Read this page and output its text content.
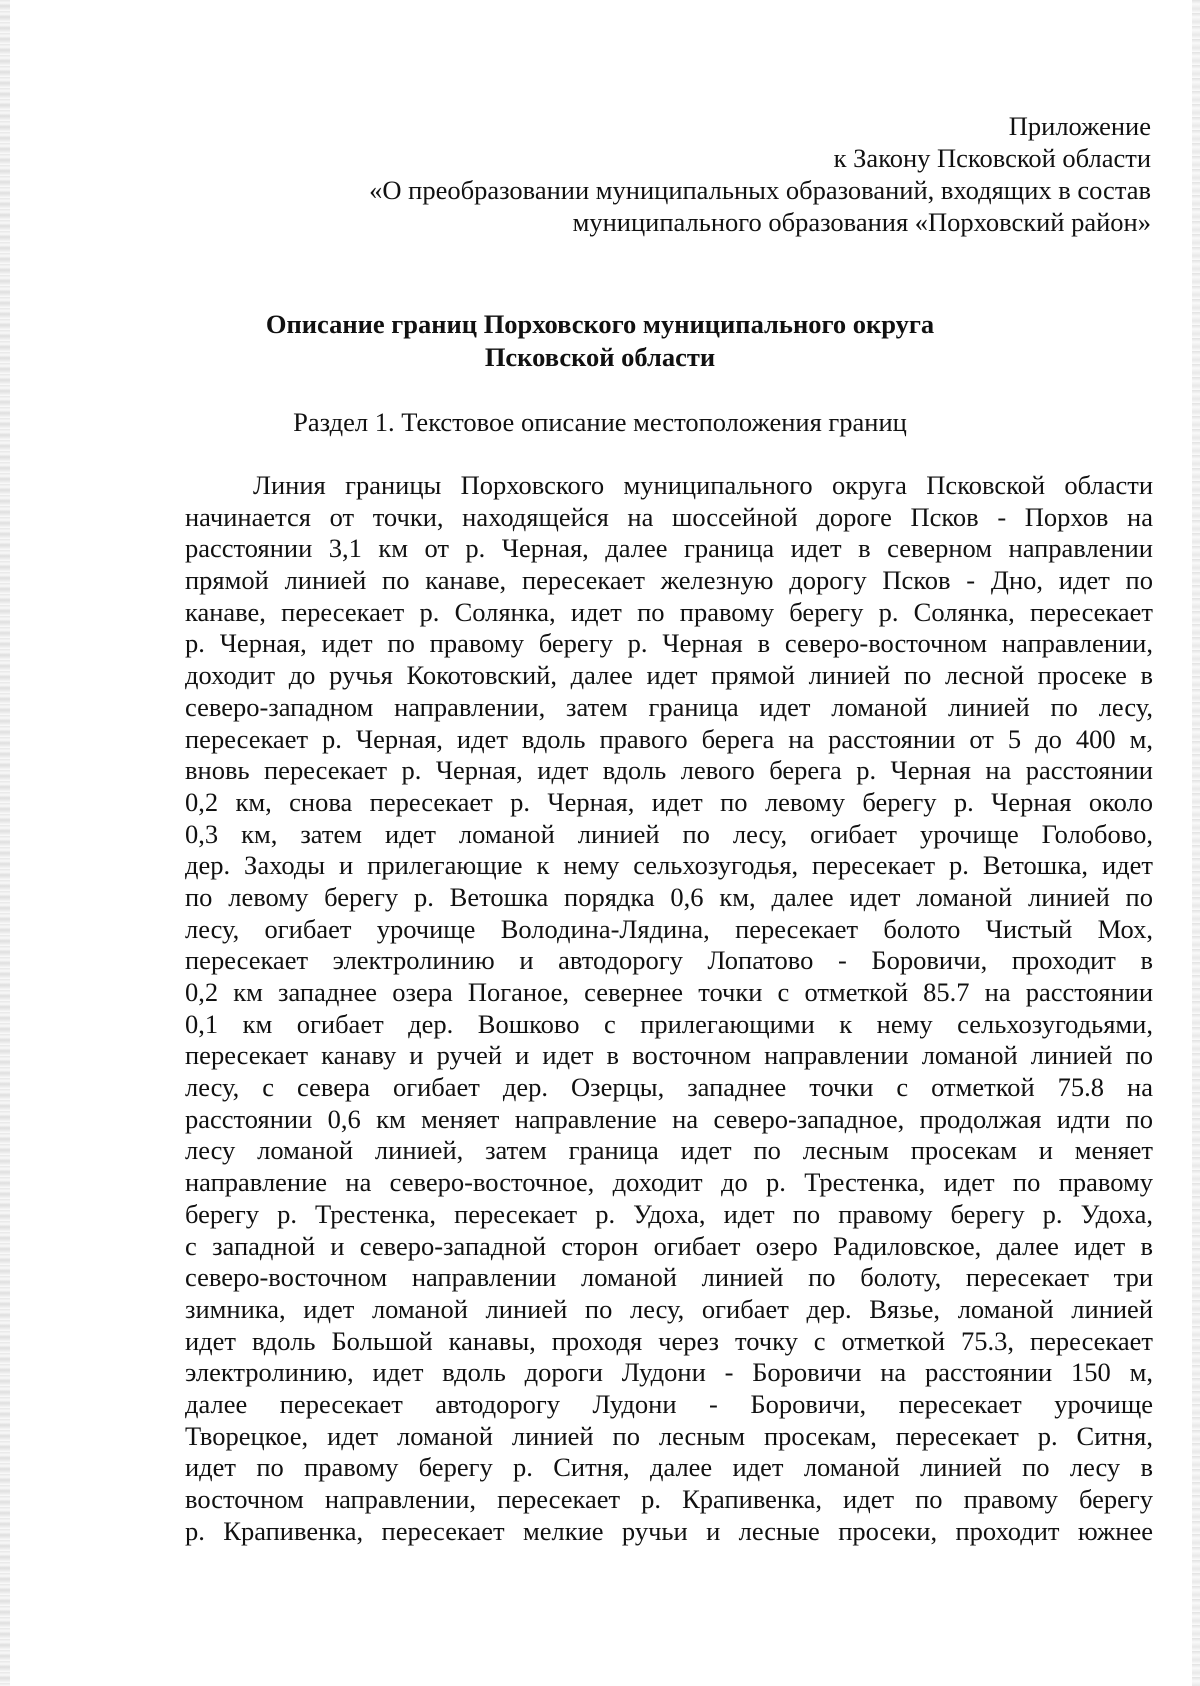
Приложение
к Закону Псковской области
«О преобразовании муниципальных образований, входящих в состав
муниципального образования «Порховский район»
Описание границ Порховского муниципального округа
Псковской области
Раздел 1. Текстовое описание местоположения границ
Линия границы Порховского муниципального округа Псковской области
начинается от точки, находящейся на шоссейной дороге Псков - Порхов на
расстоянии 3,1 км от р. Черная, далее граница идет в северном направлении
прямой линией по канаве, пересекает железную дорогу Псков - Дно, идет по
канаве, пересекает р. Солянка, идет по правому берегу р. Солянка, пересекает
р. Черная, идет по правому берегу р. Черная в северо-восточном направлении,
доходит до ручья Кокотовский, далее идет прямой линией по лесной просеке в
северо-западном направлении, затем граница идет ломаной линией по лесу,
пересекает р. Черная, идет вдоль правого берега на расстоянии от 5 до 400 м,
вновь пересекает р. Черная, идет вдоль левого берега р. Черная на расстоянии
0,2 км, снова пересекает р. Черная, идет по левому берегу р. Черная около
0,3 км, затем идет ломаной линией по лесу, огибает урочище Голобово,
дер. Заходы и прилегающие к нему сельхозугодья, пересекает р. Ветошка, идет
по левому берегу р. Ветошка порядка 0,6 км, далее идет ломаной линией по
лесу, огибает урочище Володина-Лядина, пересекает болото Чистый Мох,
пересекает электролинию и автодорогу Лопатово - Боровичи, проходит в
0,2 км западнее озера Поганое, севернее точки с отметкой 85.7 на расстоянии
0,1 км огибает дер. Вошково с прилегающими к нему сельхозугодьями,
пересекает канаву и ручей и идет в восточном направлении ломаной линией по
лесу, с севера огибает дер. Озерцы, западнее точки с отметкой 75.8 на
расстоянии 0,6 км меняет направление на северо-западное, продолжая идти по
лесу ломаной линией, затем граница идет по лесным просекам и меняет
направление на северо-восточное, доходит до р. Трестенка, идет по правому
берегу р. Трестенка, пересекает р. Удоха, идет по правому берегу р. Удоха,
с западной и северо-западной сторон огибает озеро Радиловское, далее идет в
северо-восточном направлении ломаной линией по болоту, пересекает три
зимника, идет ломаной линией по лесу, огибает дер. Вязье, ломаной линией
идет вдоль Большой канавы, проходя через точку с отметкой 75.3, пересекает
электролинию, идет вдоль дороги Лудони - Боровичи на расстоянии 150 м,
далее пересекает автодорогу Лудони - Боровичи, пересекает урочище
Творецкое, идет ломаной линией по лесным просекам, пересекает р. Ситня,
идет по правому берегу р. Ситня, далее идет ломаной линией по лесу в
восточном направлении, пересекает р. Крапивенка, идет по правому берегу
р. Крапивенка, пересекает мелкие ручьи и лесные просеки, проходит южнее
